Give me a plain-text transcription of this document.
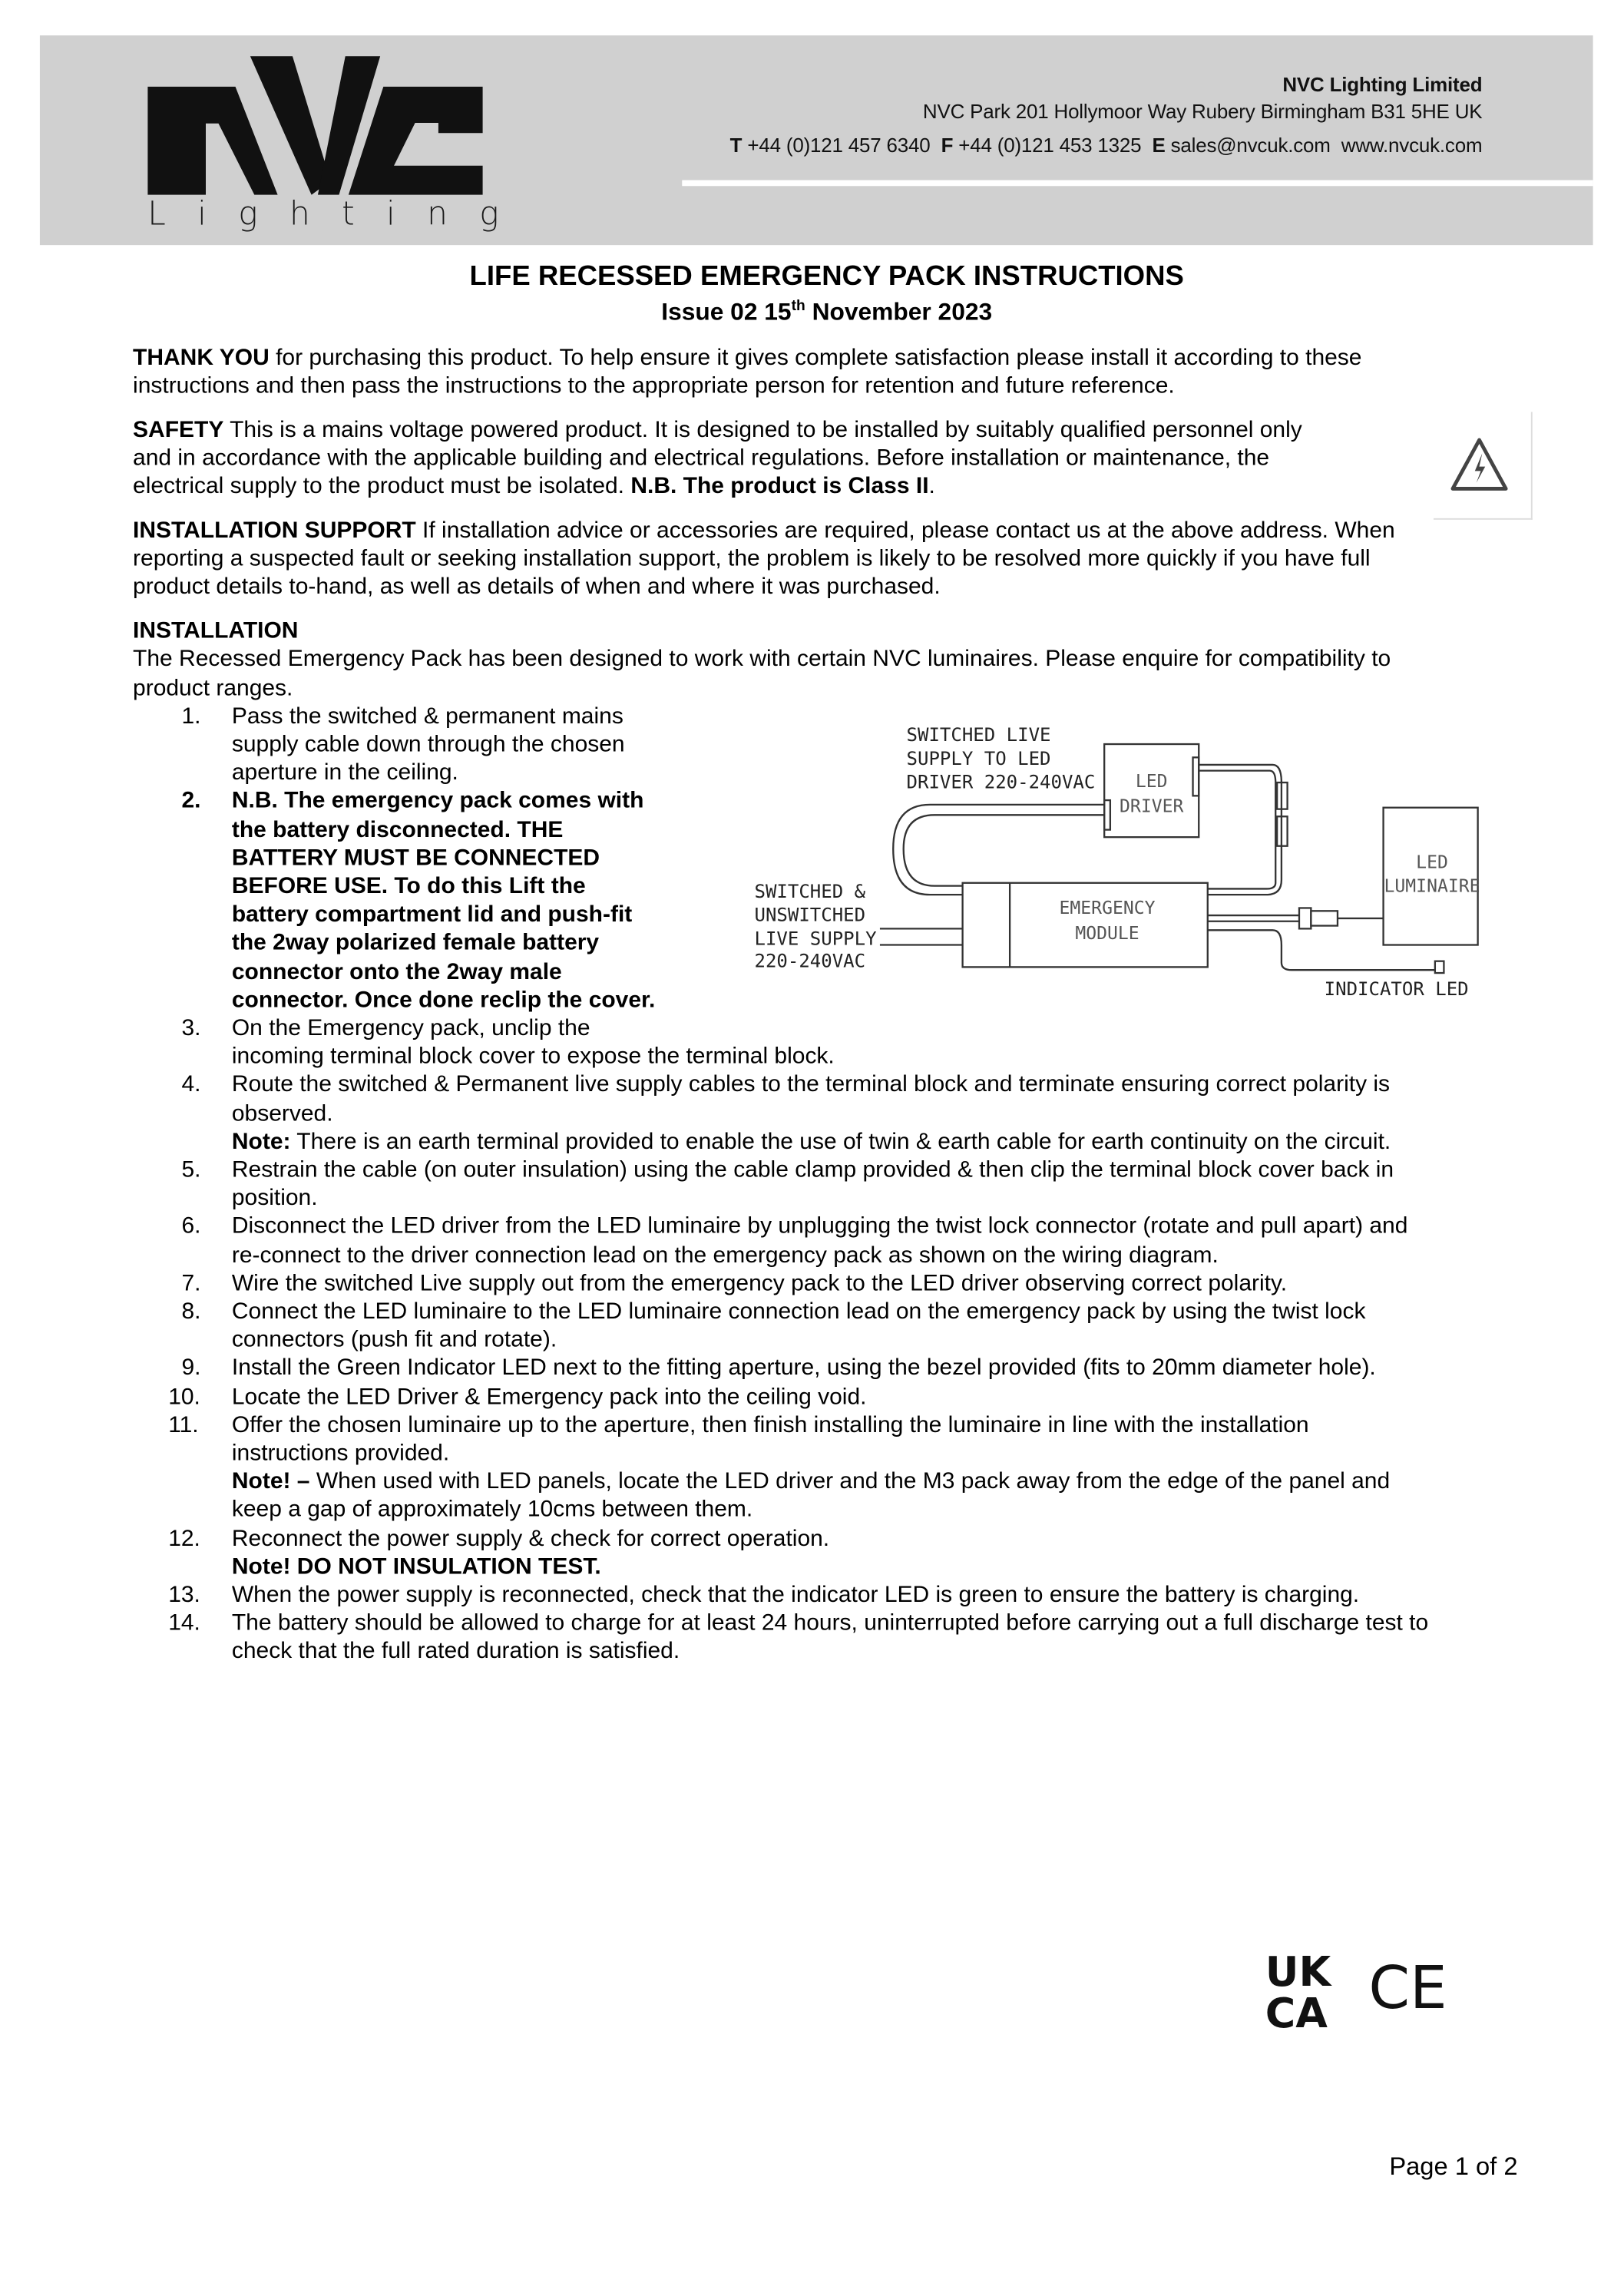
Lighting
NVC Lighting Limited
NVC Park 201 Hollymoor Way Rubery Birmingham B31 5HE UK
T +44 (0)121 457 6340 F +44 (0)121 453 1325 E sales@nvcuk.com www.nvcuk.com
LIFE RECESSED EMERGENCY PACK INSTRUCTIONS
Issue 02 15th November 2023
THANK YOU for purchasing this product. To help ensure it gives complete satisfaction please install it according to these
instructions and then pass the instructions to the appropriate person for retention and future reference.
SAFETY This is a mains voltage powered product. It is designed to be installed by suitably qualified personnel only
and in accordance with the applicable building and electrical regulations. Before installation or maintenance, the
electrical supply to the product must be isolated. N.B. The product is Class II.
INSTALLATION SUPPORT If installation advice or accessories are required, please contact us at the above address. When
reporting a suspected fault or seeking installation support, the problem is likely to be resolved more quickly if you have full
product details to-hand, as well as details of when and where it was purchased.
INSTALLATION
The Recessed Emergency Pack has been designed to work with certain NVC luminaires. Please enquire for compatibility to
product ranges.
1.	Pass the switched & permanent mains
supply cable down through the chosen
aperture in the ceiling.
2.	N.B. The emergency pack comes with
the battery disconnected. THE
BATTERY MUST BE CONNECTED
BEFORE USE. To do this Lift the
battery compartment lid and push-fit
the 2way polarized female battery
connector onto the 2way male
connector. Once done reclip the cover.
3.	On the Emergency pack, unclip the
incoming terminal block cover to expose the terminal block.
4.	Route the switched & Permanent live supply cables to the terminal block and terminate ensuring correct polarity is
observed.
Note: There is an earth terminal provided to enable the use of twin & earth cable for earth continuity on the circuit.
5.	Restrain the cable (on outer insulation) using the cable clamp provided & then clip the terminal block cover back in
position.
6.	Disconnect the LED driver from the LED luminaire by unplugging the twist lock connector (rotate and pull apart) and
re-connect to the driver connection lead on the emergency pack as shown on the wiring diagram.
7.	Wire the switched Live supply out from the emergency pack to the LED driver observing correct polarity.
8.	Connect the LED luminaire to the LED luminaire connection lead on the emergency pack by using the twist lock
connectors (push fit and rotate).
9.	Install the Green Indicator LED next to the fitting aperture, using the bezel provided (fits to 20mm diameter hole).
10.	Locate the LED Driver & Emergency pack into the ceiling void.
11.	Offer the chosen luminaire up to the aperture, then finish installing the luminaire in line with the installation
instructions provided.
Note! – When used with LED panels, locate the LED driver and the M3 pack away from the edge of the panel and
keep a gap of approximately 10cms between them.
12.	Reconnect the power supply & check for correct operation.
Note! DO NOT INSULATION TEST.
13.	When the power supply is reconnected, check that the indicator LED is green to ensure the battery is charging.
14.	The battery should be allowed to charge for at least 24 hours, uninterrupted before carrying out a full discharge test to
check that the full rated duration is satisfied.
SWITCHED LIVE
SUPPLY TO LED
DRIVER 220-240VAC
SWITCHED &
UNSWITCHED
LIVE SUPPLY
220-240VAC
LED
DRIVER
EMERGENCY
MODULE
LED
LUMINAIRE
INDICATOR LED
UK
CA CE
Page 1 of 2
